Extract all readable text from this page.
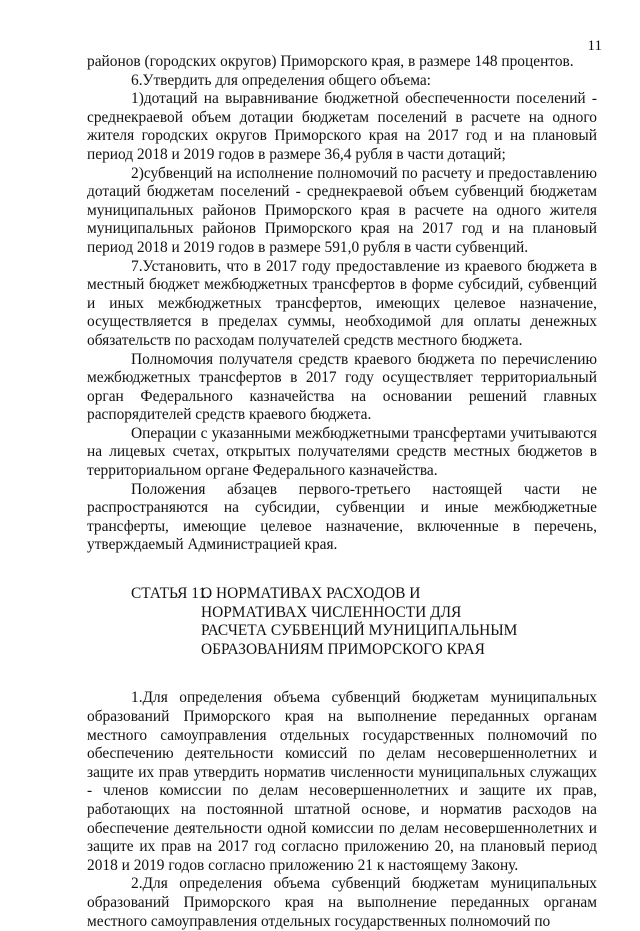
11

районов (городских округов) Приморского края, в размере 148 процентов.

6.Утвердить для определения общего объема:

1)дотаций на выравнивание бюджетной обеспеченности поселений - среднекраевой объем дотации бюджетам поселений в расчете на одного жителя городских округов Приморского края на 2017 год и на плановый период 2018 и 2019 годов в размере 36,4 рубля в части дотаций;

2)субвенций на исполнение полномочий по расчету и предоставлению дотаций бюджетам поселений - среднекраевой объем субвенций бюджетам муниципальных районов Приморского края в расчете на одного жителя муниципальных районов Приморского края на 2017 год и на плановый период 2018 и 2019 годов в размере 591,0 рубля в части субвенций.

7.Установить, что в 2017 году предоставление из краевого бюджета в местный бюджет межбюджетных трансфертов в форме субсидий, субвенций и иных межбюджетных трансфертов, имеющих целевое назначение, осуществляется в пределах суммы, необходимой для оплаты денежных обязательств по расходам получателей средств местного бюджета.

Полномочия получателя средств краевого бюджета по перечислению межбюджетных трансфертов в 2017 году осуществляет территориальный орган Федерального казначейства на основании решений главных распорядителей средств краевого бюджета.

Операции с указанными межбюджетными трансфертами учитываются на лицевых счетах, открытых получателями средств местных бюджетов в территориальном органе Федерального казначейства.

Положения абзацев первого-третьего настоящей части не распространяются на субсидии, субвенции и иные межбюджетные трансферты, имеющие целевое назначение, включенные в перечень, утверждаемый Администрацией края.

СТАТЬЯ 11.
О НОРМАТИВАХ РАСХОДОВ И
НОРМАТИВАХ ЧИСЛЕННОСТИ ДЛЯ
РАСЧЕТА СУБВЕНЦИЙ МУНИЦИПАЛЬНЫМ
ОБРАЗОВАНИЯМ ПРИМОРСКОГО КРАЯ

1.Для определения объема субвенций бюджетам муниципальных образований Приморского края на выполнение переданных органам местного самоуправления отдельных государственных полномочий по обеспечению деятельности комиссий по делам несовершеннолетних и защите их прав утвердить норматив численности муниципальных служащих - членов комиссии по делам несовершеннолетних и защите их прав, работающих на постоянной штатной основе, и норматив расходов на обеспечение деятельности одной комиссии по делам несовершеннолетних и защите их прав на 2017 год согласно приложению 20, на плановый период 2018 и 2019 годов согласно приложению 21 к настоящему Закону.

2.Для определения объема субвенций бюджетам муниципальных образований Приморского края на выполнение переданных органам местного самоуправления отдельных государственных полномочий по
